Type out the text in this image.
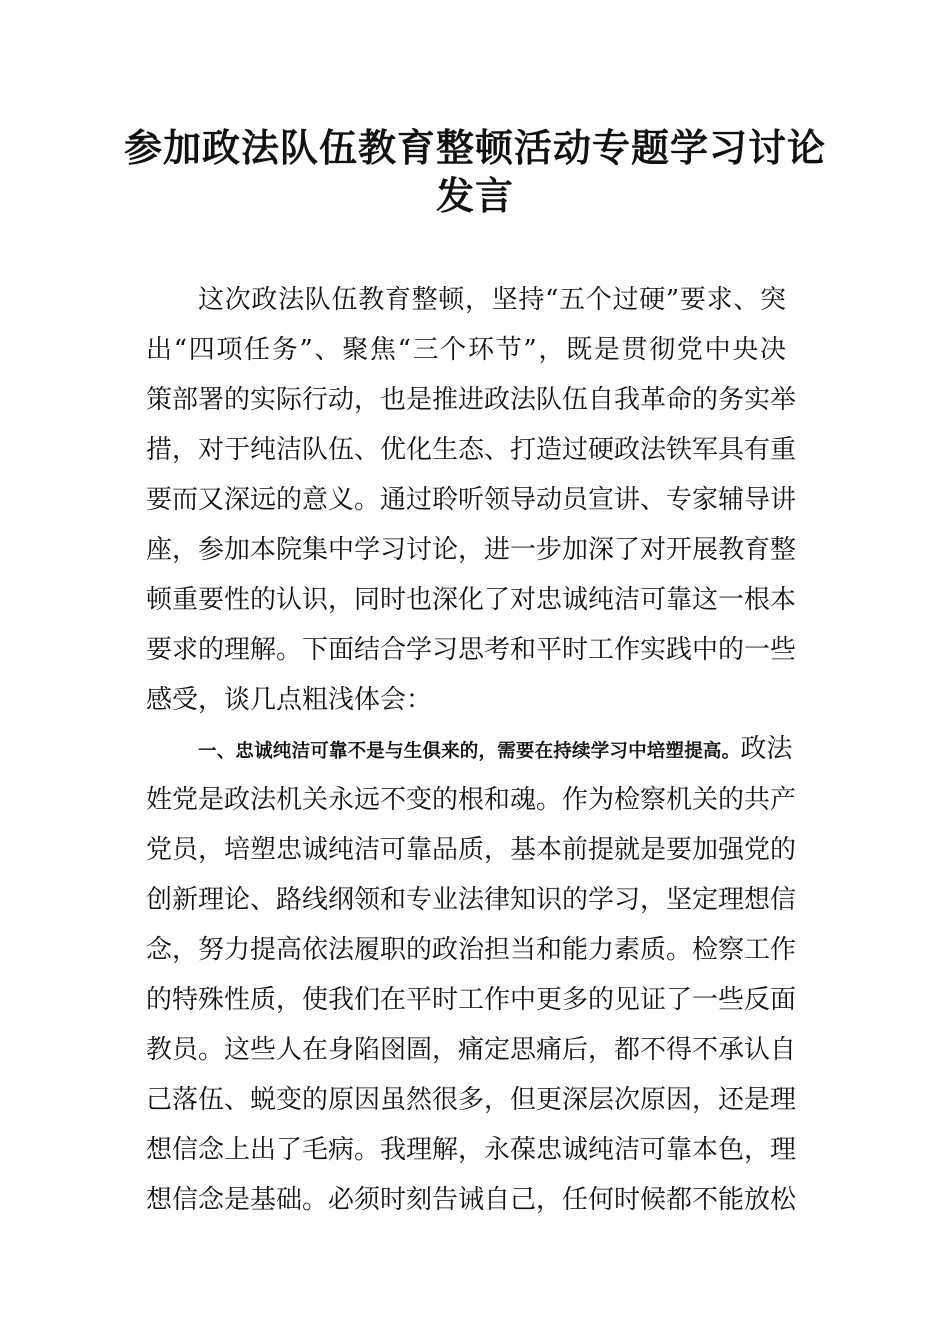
参加政法队伍教育整顿活动专题学习讨论
发言
这次政法队伍教育整顿，坚持“五个过硬”要求、突
出“四项任务”、聚焦“三个环节”，既是贯彻党中央决
策部署的实际行动，也是推进政法队伍自我革命的务实举
措，对于纯洁队伍、优化生态、打造过硬政法铁军具有重
要而又深远的意义。通过聆听领导动员宣讲、专家辅导讲
座，参加本院集中学习讨论，进一步加深了对开展教育整
顿重要性的认识，同时也深化了对忠诚纯洁可靠这一根本
要求的理解。下面结合学习思考和平时工作实践中的一些
感受，谈几点粗浅体会：
一、忠诚纯洁可靠不是与生俱来的，需要在持续学习中培塑提高。政法
姓党是政法机关永远不变的根和魂。作为检察机关的共产
党员，培塑忠诚纯洁可靠品质，基本前提就是要加强党的
创新理论、路线纲领和专业法律知识的学习，坚定理想信
念，努力提高依法履职的政治担当和能力素质。检察工作
的特殊性质，使我们在平时工作中更多的见证了一些反面
教员。这些人在身陷囹圄，痛定思痛后，都不得不承认自
己落伍、蜕变的原因虽然很多，但更深层次原因，还是理
想信念上出了毛病。我理解，永葆忠诚纯洁可靠本色，理
想信念是基础。必须时刻告诫自己，任何时候都不能放松
